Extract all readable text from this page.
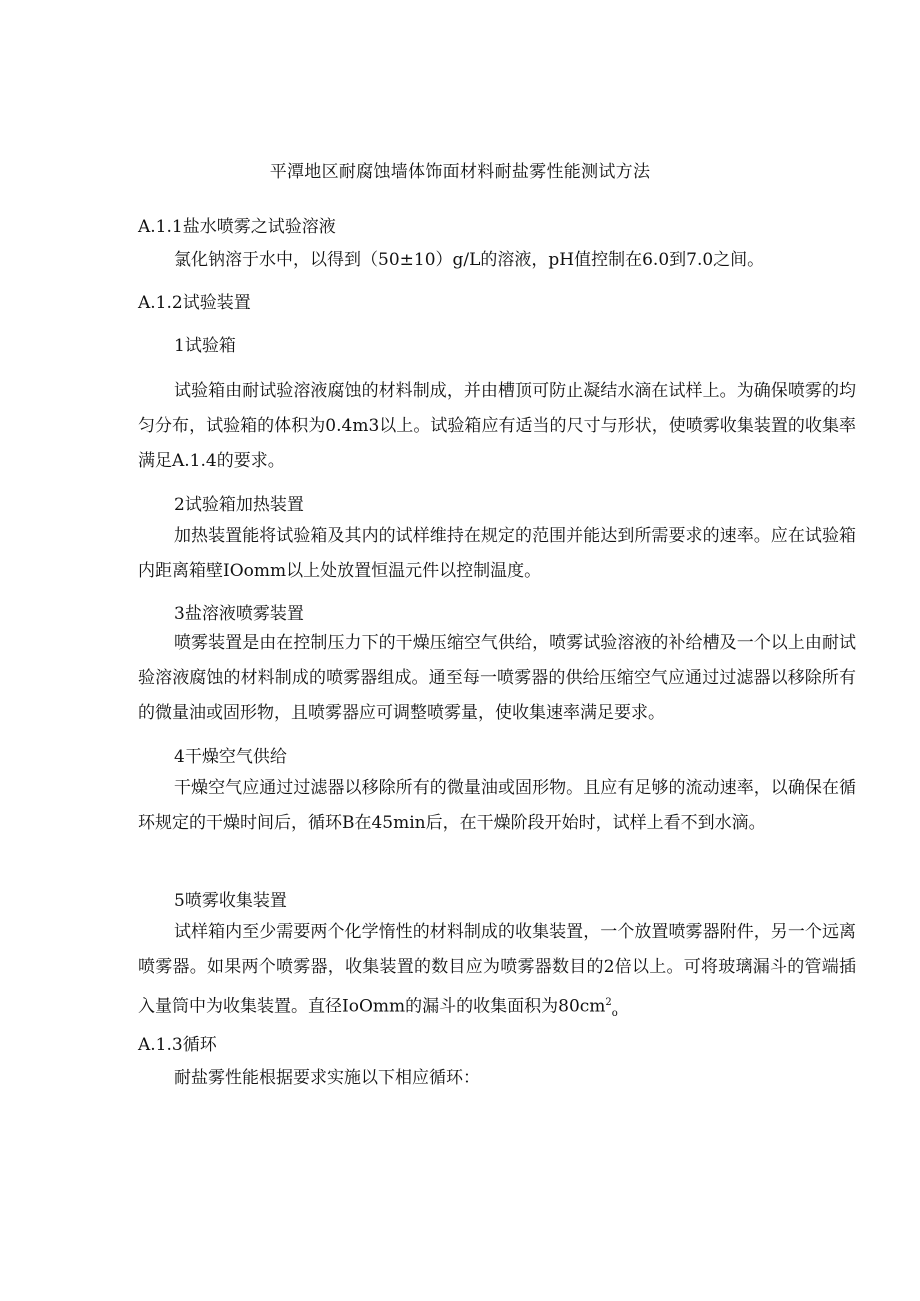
平潭地区耐腐蚀墙体饰面材料耐盐雾性能测试方法
A.1.1盐水喷雾之试验溶液
氯化钠溶于水中，以得到（50±10）g/L的溶液，pH值控制在6.0到7.0之间。
A.1.2试验装置
1试验箱
试验箱由耐试验溶液腐蚀的材料制成，并由槽顶可防止凝结水滴在试样上。为确保喷雾的均匀分布，试验箱的体积为0.4m3以上。试验箱应有适当的尺寸与形状，使喷雾收集装置的收集率满足A.1.4的要求。
2试验箱加热装置
加热装置能将试验箱及其内的试样维持在规定的范围并能达到所需要求的速率。应在试验箱内距离箱壁IOomm以上处放置恒温元件以控制温度。
3盐溶液喷雾装置
喷雾装置是由在控制压力下的干燥压缩空气供给，喷雾试验溶液的补给槽及一个以上由耐试验溶液腐蚀的材料制成的喷雾器组成。通至每一喷雾器的供给压缩空气应通过过滤器以移除所有的微量油或固形物，且喷雾器应可调整喷雾量，使收集速率满足要求。
4干燥空气供给
干燥空气应通过过滤器以移除所有的微量油或固形物。且应有足够的流动速率，以确保在循环规定的干燥时间后，循环B在45min后，在干燥阶段开始时，试样上看不到水滴。
5喷雾收集装置
试样箱内至少需要两个化学惰性的材料制成的收集装置，一个放置喷雾器附件，另一个远离喷雾器。如果两个喷雾器，收集装置的数目应为喷雾器数目的2倍以上。可将玻璃漏斗的管端插入量筒中为收集装置。直径IoOmm的漏斗的收集面积为$80cm^2_o$
A.1.3循环
耐盐雾性能根据要求实施以下相应循环：
